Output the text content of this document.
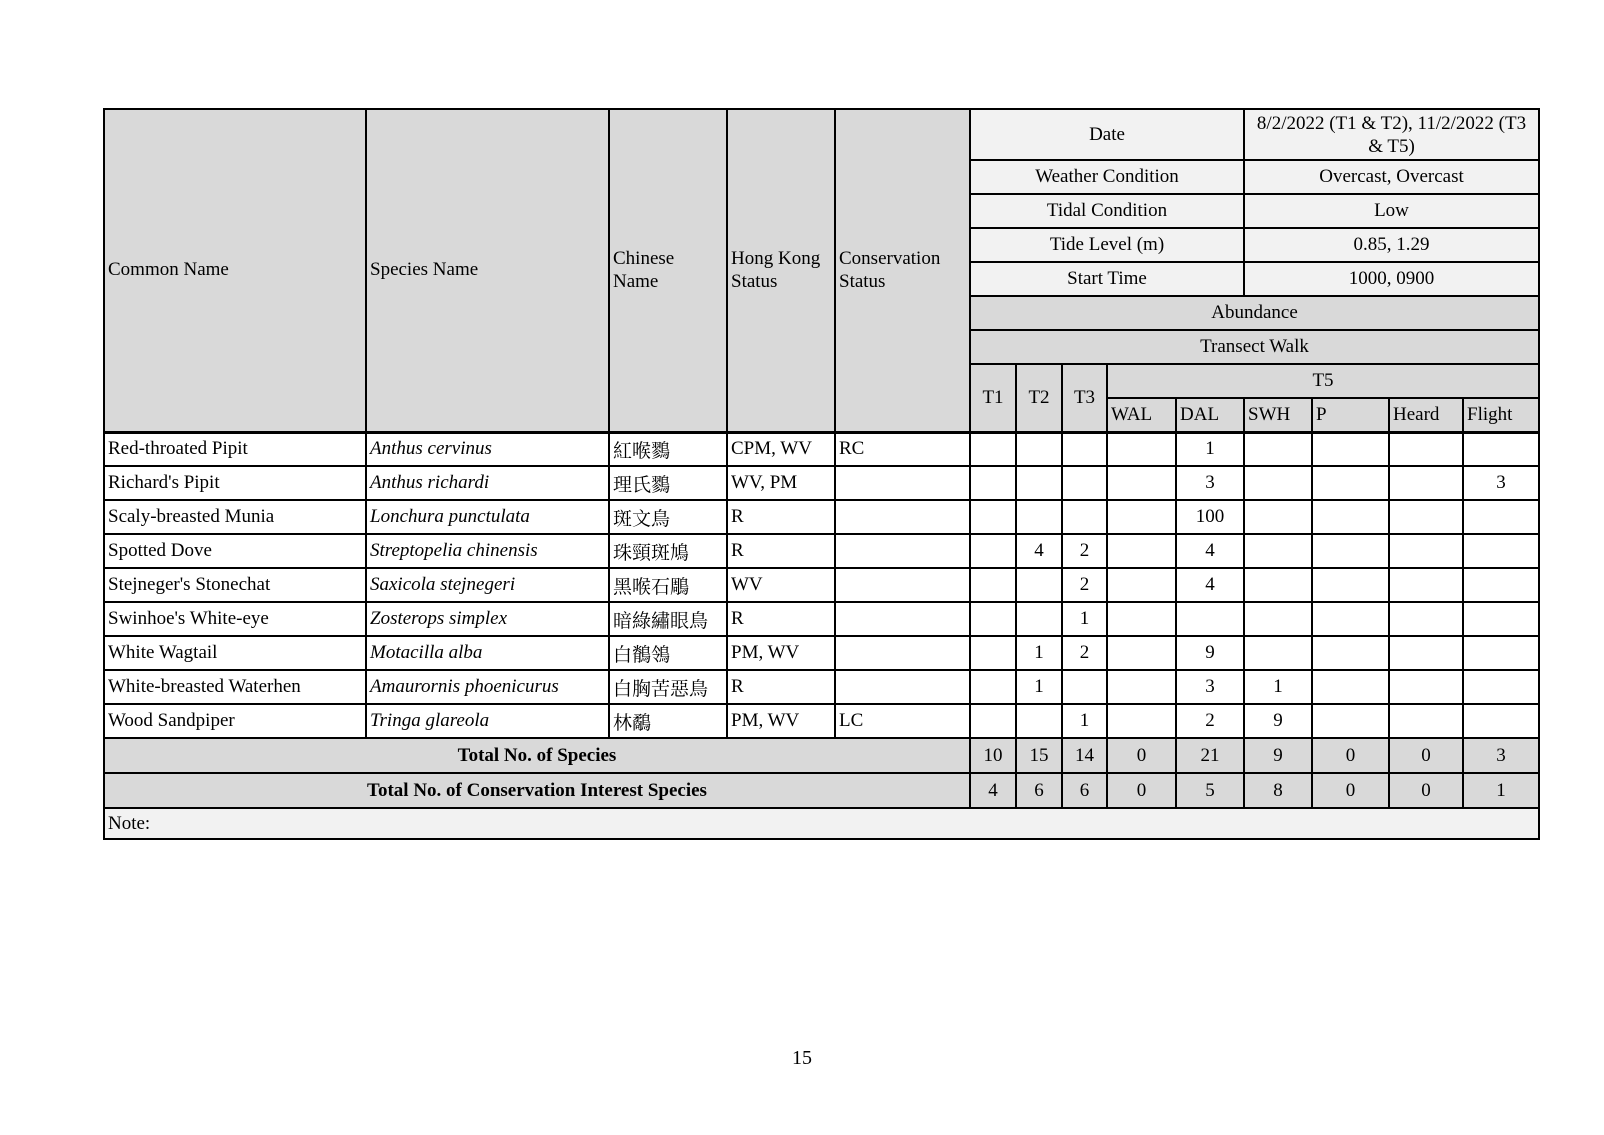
Common Name	Species Name	Chinese Name	Hong Kong Status	Conservation Status	Date					8/2/2022 (T1 & T2), 11/2/2022 (T3 & T5)			
					Weather Condition					Overcast, Overcast			
					Tidal Condition					Low			
					Tide Level (m)					0.85, 1.29			
					Start Time					1000, 0900			
					Abundance								
					Transect Walk								
					T1	T2	T3	T5					
								WAL	DAL	SWH	P	Heard	Flight
Red-throated Pipit	Anthus cervinus	紅喉鷚	CPM, WV	RC					1				
Richard's Pipit	Anthus richardi	理氏鷚	WV, PM						3				3
Scaly-breasted Munia	Lonchura punctulata	斑文鳥	R						100				
Spotted Dove	Streptopelia chinensis	珠頸斑鳩	R			4	2		4				
Stejneger's Stonechat	Saxicola stejnegeri	黑喉石鵰	WV				2		4				
Swinhoe's White-eye	Zosterops simplex	暗綠繡眼鳥	R				1						
White Wagtail	Motacilla alba	白鶺鴒	PM, WV			1	2		9				
White-breasted Waterhen	Amaurornis phoenicurus	白胸苦惡鳥	R			1			3	1			
Wood Sandpiper	Tringa glareola	林鷸	PM, WV	LC			1		2	9			
Total No. of Species					10	15	14	0	21	9	0	0	3
Total No. of Conservation Interest Species					4	6	6	0	5	8	0	0	1
Note:													
15
